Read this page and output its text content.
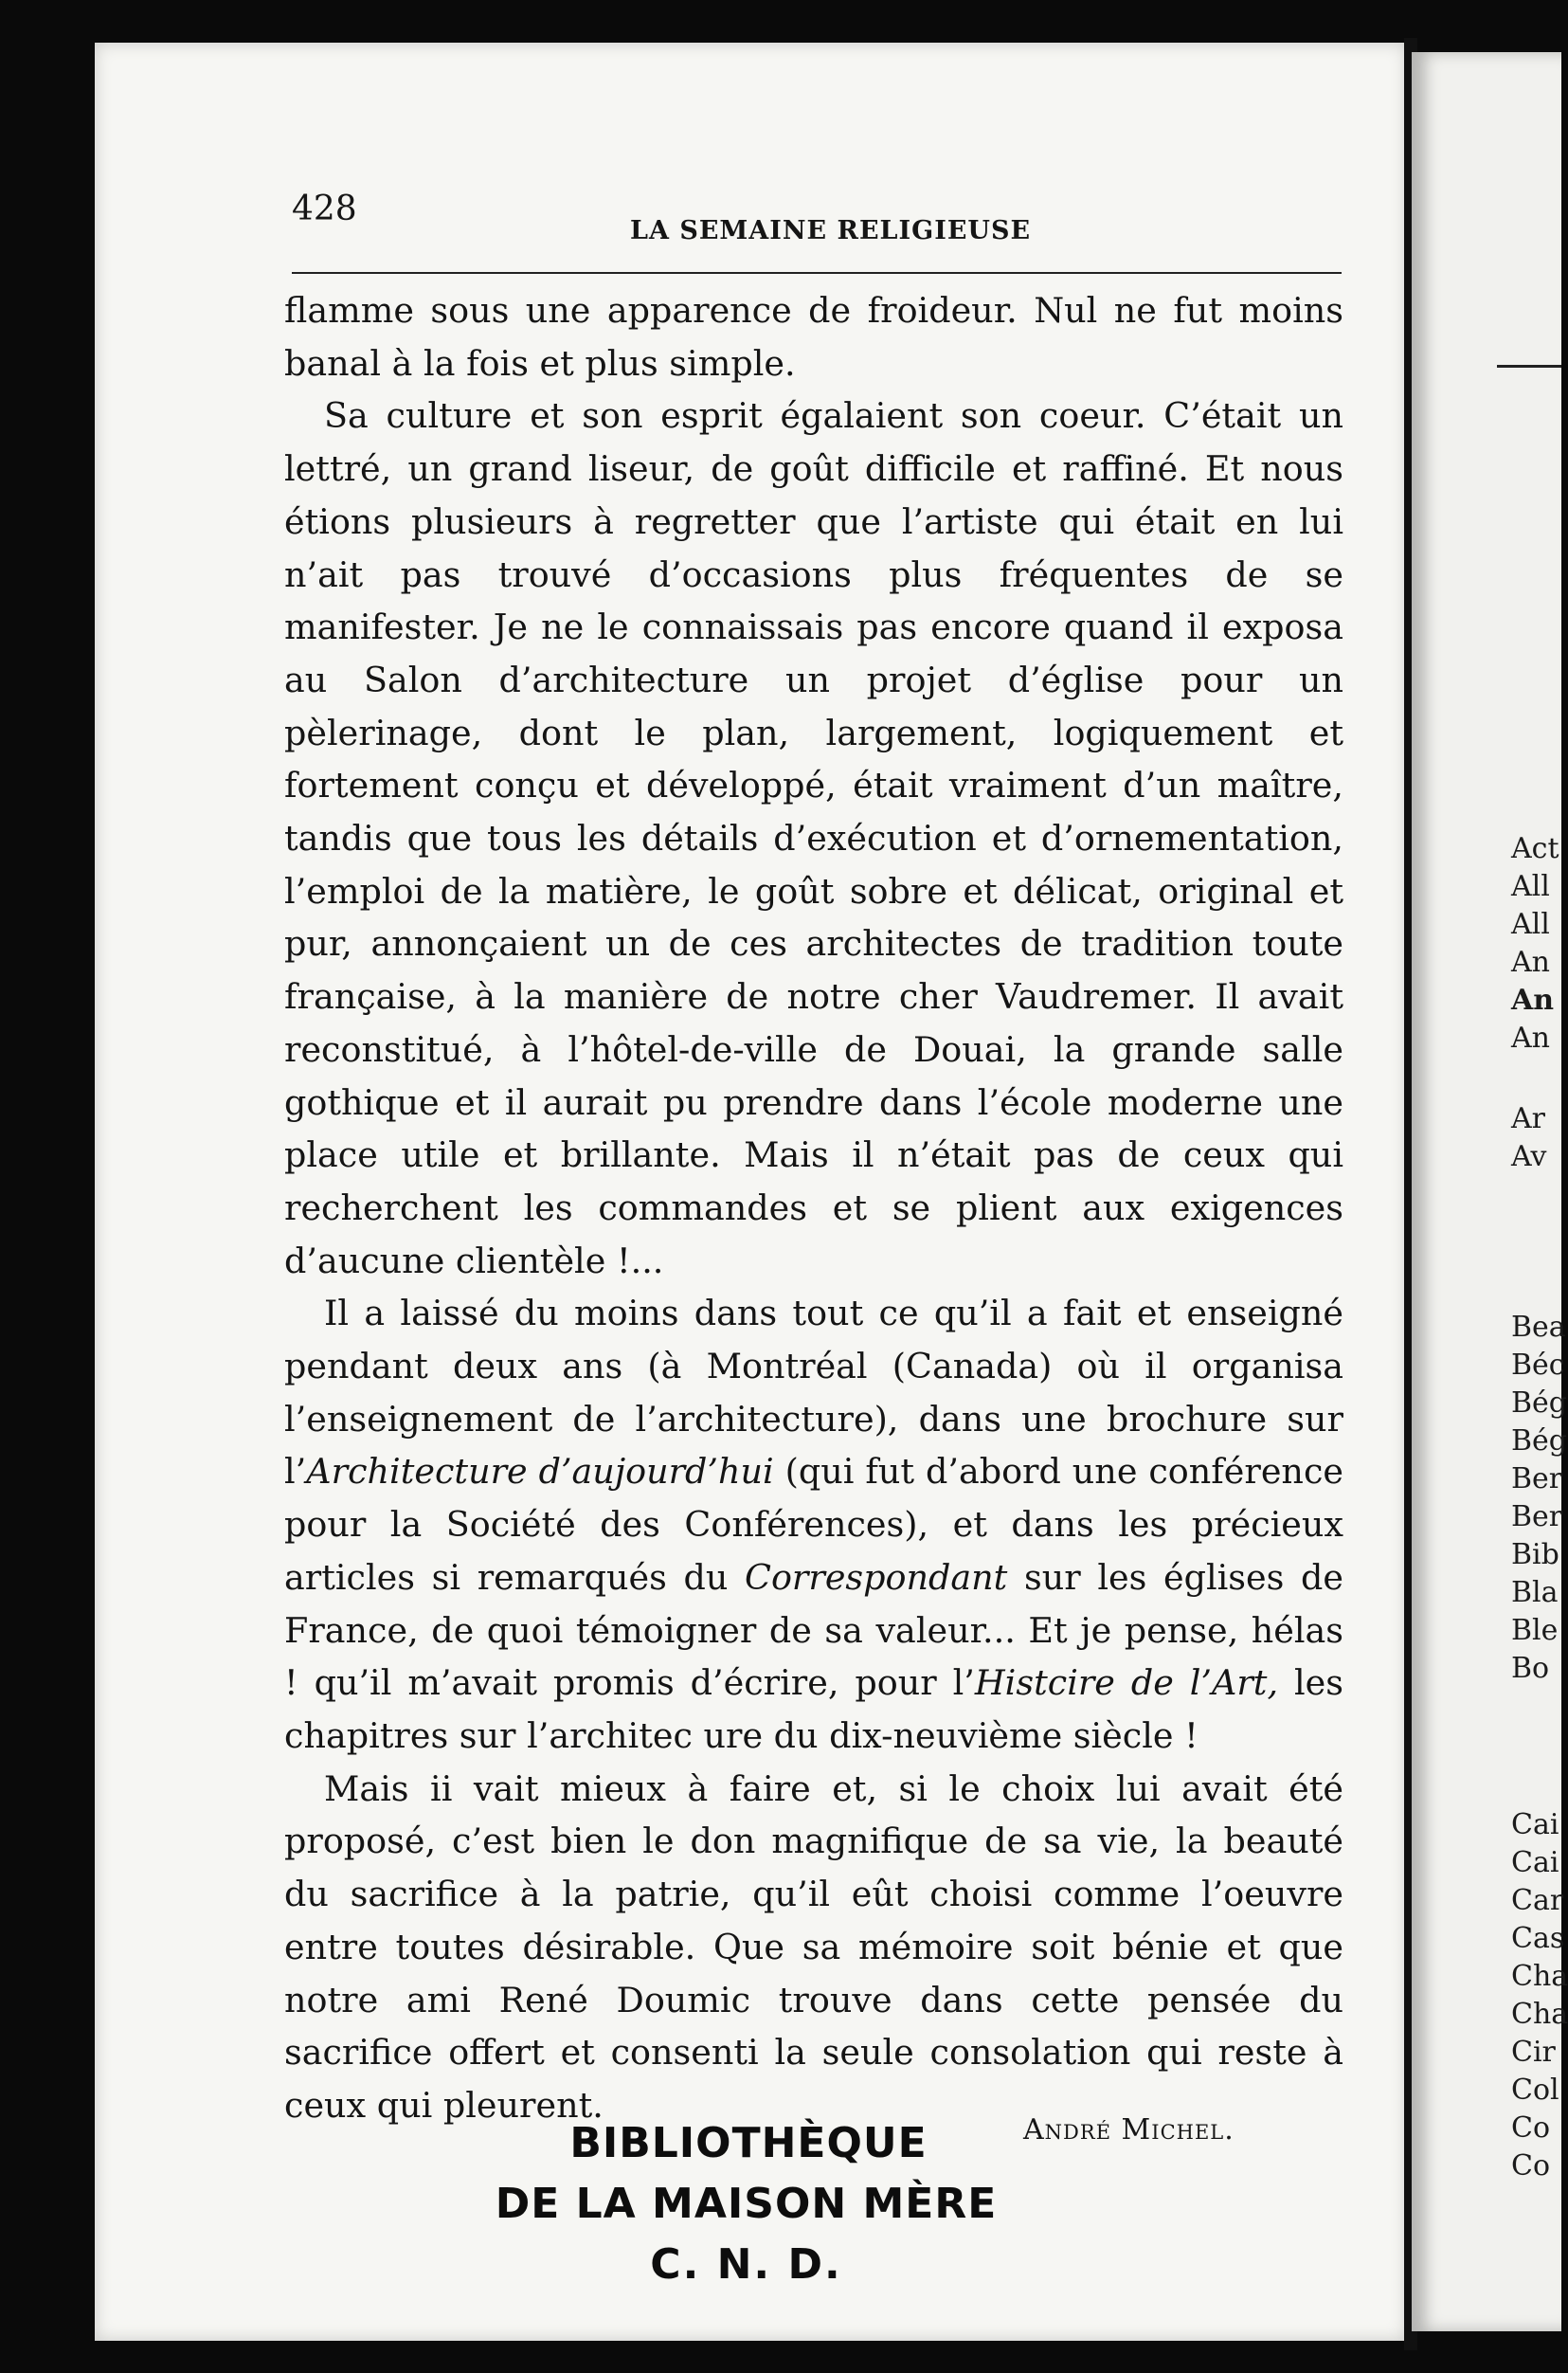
Act
All
All
An
An
An
Ar
Av
Bea
Béc
Bég
Bég
Ber
Ber
Bib
Bla
Ble
Bo
Cai
Cai
Car
Cas
Cha
Cha
Cir
Col
Co
Co
428
LA SEMAINE RELIGIEUSE

flamme sous une apparence de froideur. Nul ne fut moins banal à la fois et plus simple.

Sa culture et son esprit égalaient son coeur. C’était un lettré, un grand liseur, de goût difficile et raffiné. Et nous étions plusieurs à regretter que l’artiste qui était en lui n’ait pas trouvé d’occasions plus fréquentes de se manifester. Je ne le connaissais pas encore quand il exposa au Salon d’architecture un projet d’église pour un pèlerinage, dont le plan, largement, logiquement et fortement conçu et développé, était vraiment d’un maître, tandis que tous les détails d’exécution et d’ornementation, l’emploi de la matière, le goût sobre et délicat, original et pur, annonçaient un de ces architectes de tradition toute française, à la manière de notre cher Vaudremer. Il avait reconstitué, à l’hôtel-de-ville de Douai, la grande salle gothique et il aurait pu prendre dans l’école moderne une place utile et brillante. Mais il n’était pas de ceux qui recherchent les commandes et se plient aux exigences d’aucune clientèle !...

Il a laissé du moins dans tout ce qu’il a fait et enseigné pendant deux ans (à Montréal (Canada) où il organisa l’enseignement de l’architecture), dans une brochure sur l’Architecture d’aujourd’hui (qui fut d’abord une conférence pour la Société des Conférences), et dans les précieux articles si remarqués du Correspondant sur les églises de France, de quoi témoigner de sa valeur... Et je pense, hélas ! qu’il m’avait promis d’écrire, pour l’Histcire de l’Art, les chapitres sur l’architec ure du dix-neuvième siècle !

Mais ii vait mieux à faire et, si le choix lui avait été proposé, c’est bien le don magnifique de sa vie, la beauté du sacrifice à la patrie, qu’il eût choisi comme l’oeuvre entre toutes désirable. Que sa mémoire soit bénie et que notre ami René Doumic trouve dans cette pensée du sacrifice offert et consenti la seule consolation qui reste à ceux qui pleurent.

BIBLIOTHÈQUE
DE LA MAISON MÈRE
C. N. D.
André Michel.
